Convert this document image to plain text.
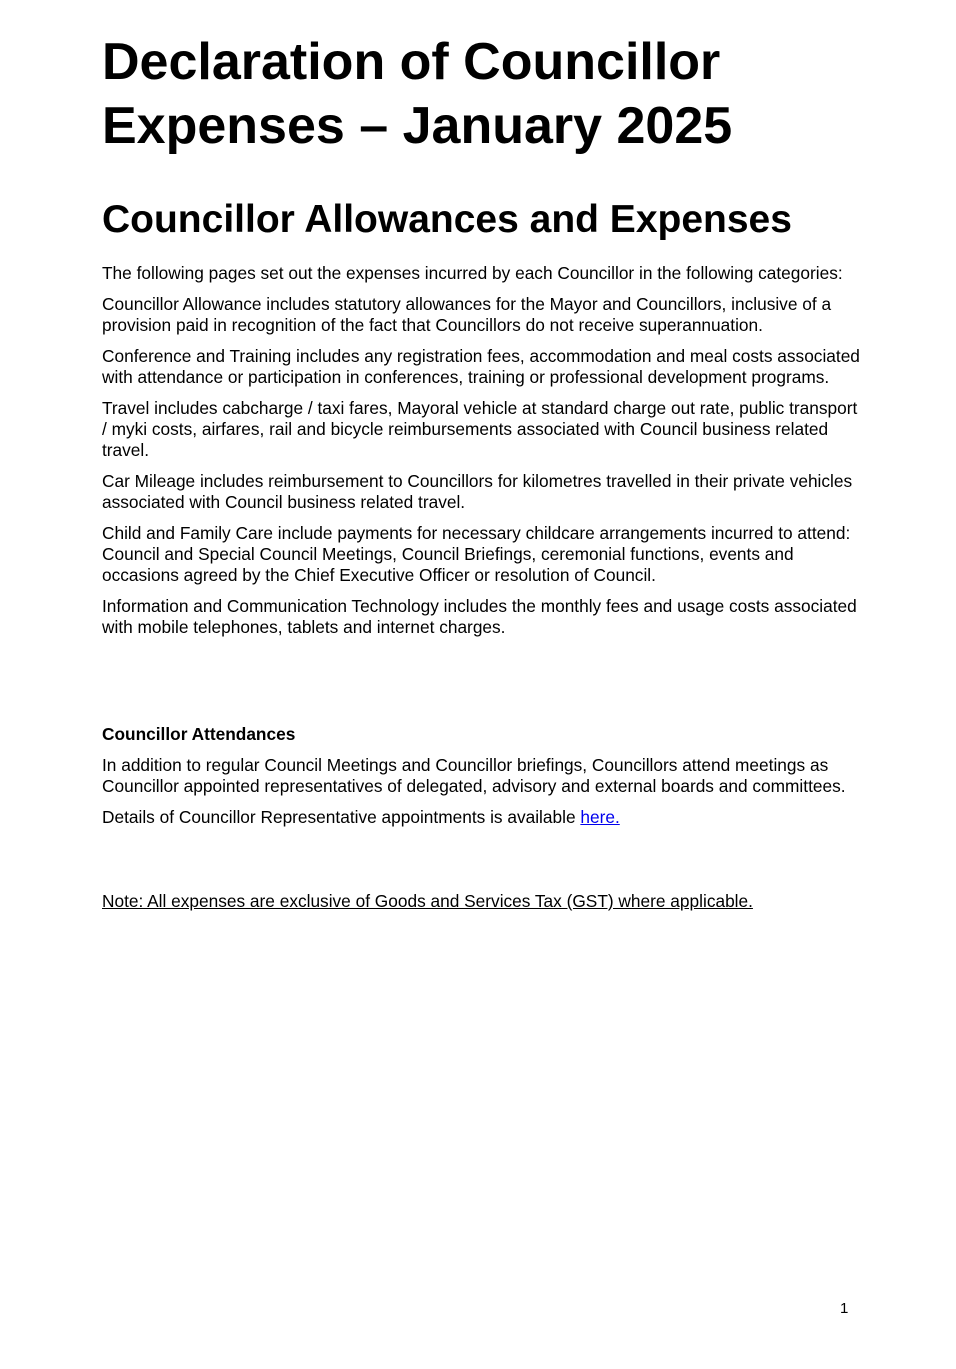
Declaration of Councillor Expenses – January 2025
Councillor Allowances and Expenses

The following pages set out the expenses incurred by each Councillor in the following categories:

Councillor Allowance includes statutory allowances for the Mayor and Councillors, inclusive of a provision paid in recognition of the fact that Councillors do not receive superannuation.

Conference and Training includes any registration fees, accommodation and meal costs associated with attendance or participation in conferences, training or professional development programs.

Travel includes cabcharge / taxi fares, Mayoral vehicle at standard charge out rate, public transport / myki costs, airfares, rail and bicycle reimbursements associated with Council business related travel.

Car Mileage includes reimbursement to Councillors for kilometres travelled in their private vehicles associated with Council business related travel.

Child and Family Care include payments for necessary childcare arrangements incurred to attend: Council and Special Council Meetings, Council Briefings, ceremonial functions, events and occasions agreed by the Chief Executive Officer or resolution of Council.

Information and Communication Technology includes the monthly fees and usage costs associated with mobile telephones, tablets and internet charges.

Councillor Attendances

In addition to regular Council Meetings and Councillor briefings, Councillors attend meetings as Councillor appointed representatives of delegated, advisory and external boards and committees.

Details of Councillor Representative appointments is available here.

Note: All expenses are exclusive of Goods and Services Tax (GST) where applicable.
1
